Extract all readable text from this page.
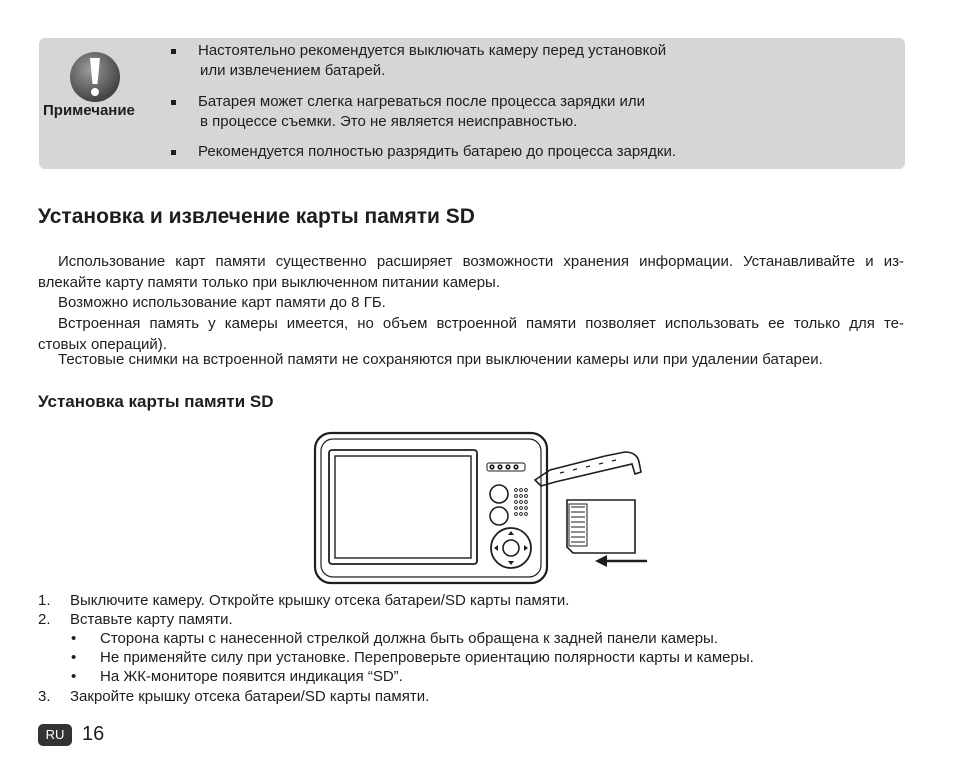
Примечание
Настоятельно рекомендуется выключать камеру перед установкой
или извлечением батарей.
Батарея может слегка нагреваться после процесса зарядки или
в процессе съемки. Это не является неисправностью.
Рекомендуется полностью разрядить батарею до процесса зарядки.
Установка и извлечение карты памяти SD
Использование карт памяти существенно расширяет возможности хранения информации. Устанавливайте и из-
влекайте карту памяти только при выключенном питании камеры.
Возможно использование карт памяти до 8 ГБ.
Встроенная память у камеры имеется, но объем встроенной памяти позволяет использовать ее только для те-
стовых операций).
Тестовые снимки на встроенной памяти не сохраняются при выключении камеры или при удалении батареи.
Установка карты памяти SD
1. Выключите камеру. Откройте крышку отсека батареи/SD карты памяти.
2. Вставьте карту памяти.
• Сторона карты с нанесенной стрелкой должна быть обращена к задней панели камеры.
• Не применяйте силу при установке. Перепроверьте ориентацию полярности карты и камеры.
• На ЖК-мониторе появится индикация “SD”.
3. Закройте крышку отсека батареи/SD карты памяти.
RU 16
